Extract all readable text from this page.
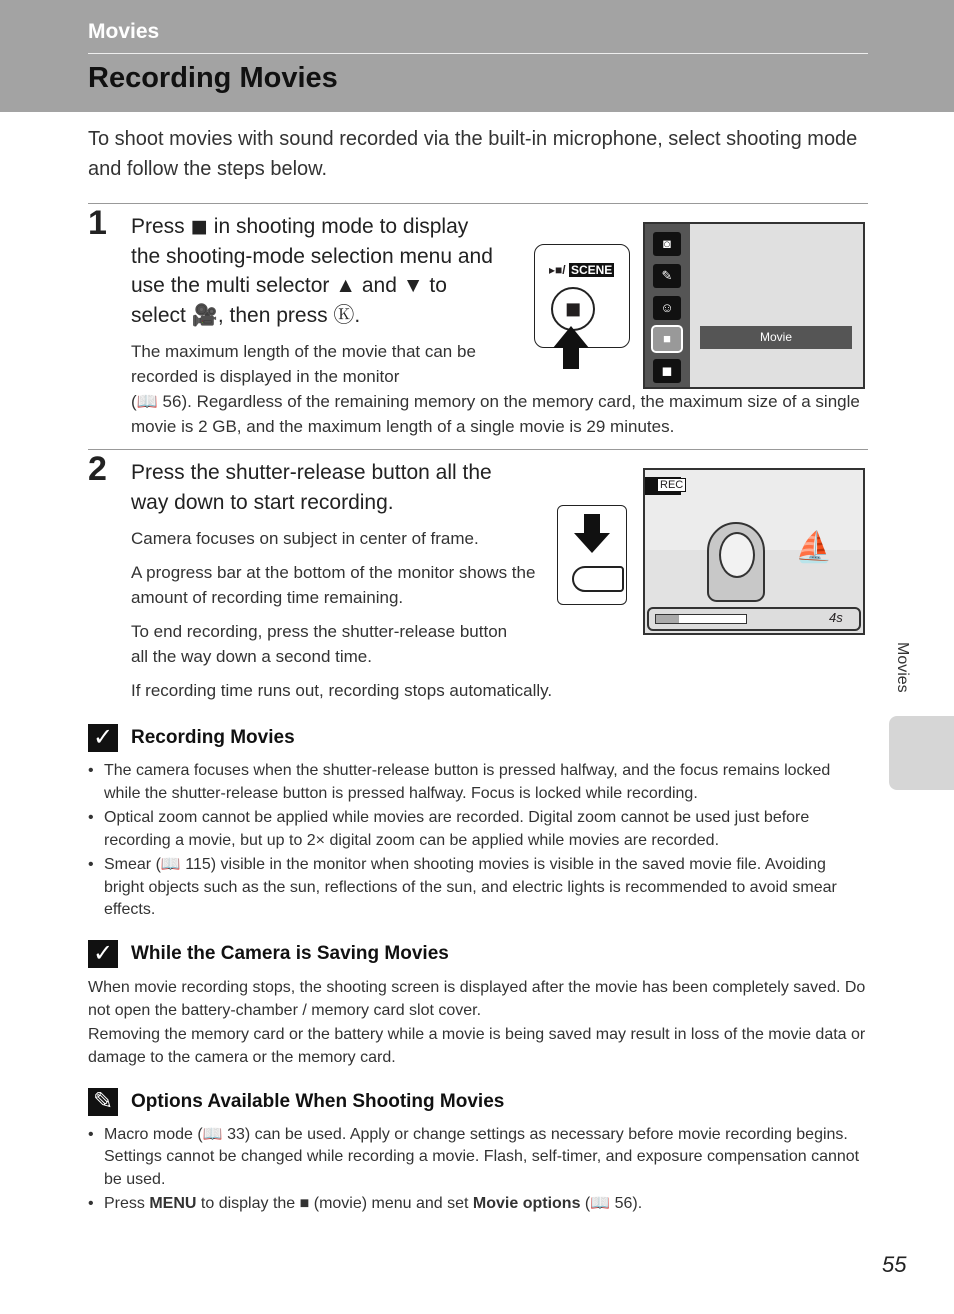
Movies
Recording Movies
To shoot movies with sound recorded via the built-in microphone, select shooting mode and follow the steps below.
1 Press ◼ in shooting mode to display the shooting-mode selection menu and use the multi selector ▲ and ▼ to select 🎥, then press Ⓚ.
The maximum length of the movie that can be recorded is displayed in the monitor
(📖 56). Regardless of the remaining memory on the memory card, the maximum size of a single movie is 2 GB, and the maximum length of a single movie is 29 minutes.
▸■/ SCENE
◼
◙
✎
☺
■
◼
Movie
2 Press the shutter-release button all the way down to start recording.
Camera focuses on subject in center of frame.
A progress bar at the bottom of the monitor shows the amount of recording time remaining.
To end recording, press the shutter-release button all the way down a second time.
If recording time runs out, recording stops automatically.
REC
⛵
4s
✓ Recording Movies
• The camera focuses when the shutter-release button is pressed halfway, and the focus remains locked while the shutter-release button is pressed halfway. Focus is locked while recording.
• Optical zoom cannot be applied while movies are recorded. Digital zoom cannot be used just before recording a movie, but up to 2× digital zoom can be applied while movies are recorded.
• Smear (📖 115) visible in the monitor when shooting movies is visible in the saved movie file. Avoiding bright objects such as the sun, reflections of the sun, and electric lights is recommended to avoid smear effects.
✓ While the Camera is Saving Movies
When movie recording stops, the shooting screen is displayed after the movie has been completely saved. Do not open the battery-chamber / memory card slot cover.
Removing the memory card or the battery while a movie is being saved may result in loss of the movie data or damage to the camera or the memory card.
✎ Options Available When Shooting Movies
• Macro mode (📖 33) can be used. Apply or change settings as necessary before movie recording begins. Settings cannot be changed while recording a movie. Flash, self-timer, and exposure compensation cannot be used.
• Press MENU to display the ■ (movie) menu and set Movie options (📖 56).
Movies
55
